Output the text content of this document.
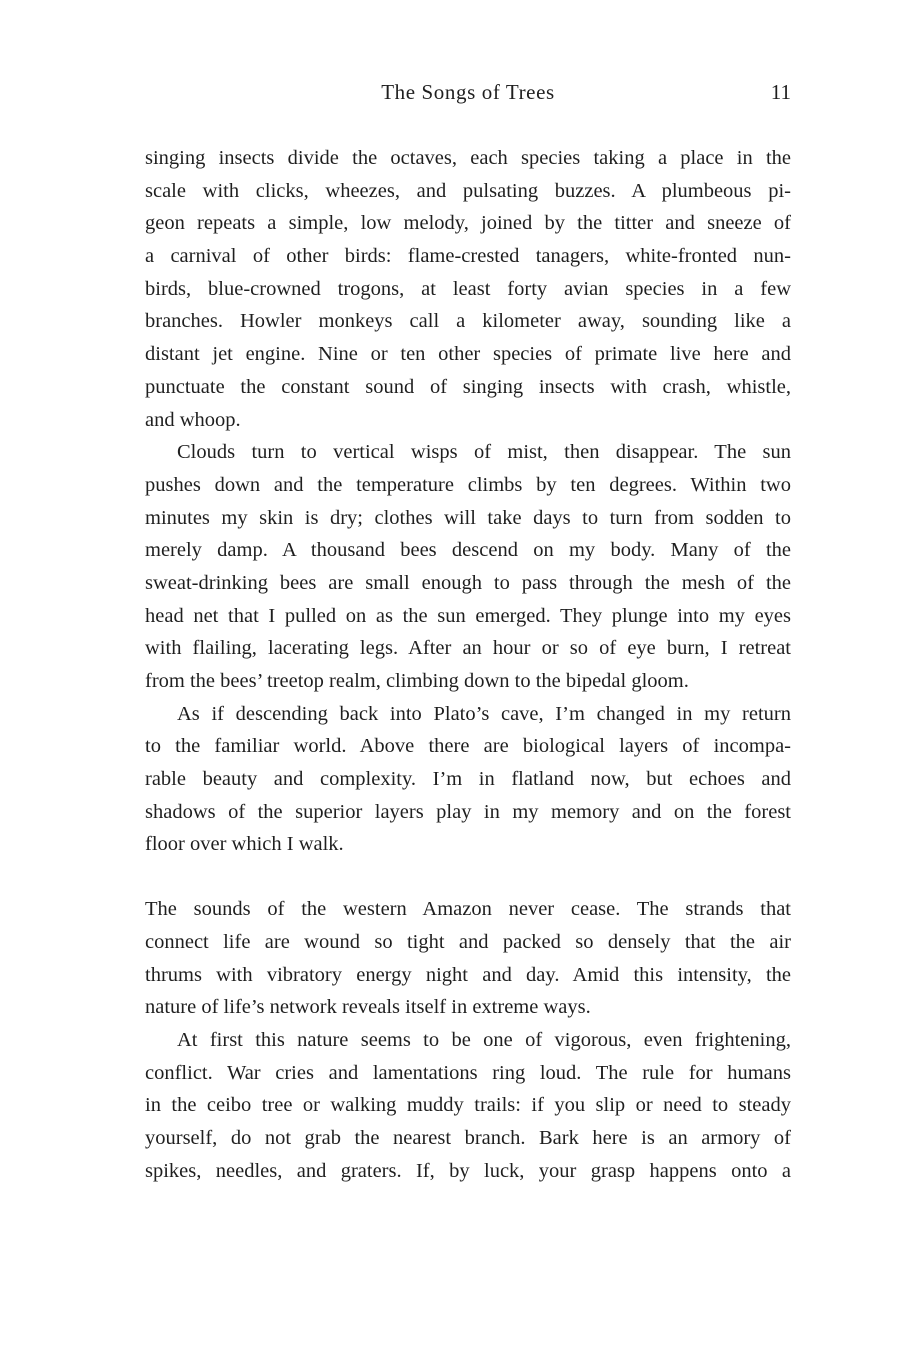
The Songs of Trees	11
singing insects divide the octaves, each species taking a place in the
scale with clicks, wheezes, and pulsating buzzes. A plumbeous pi-
geon repeats a simple, low melody, joined by the titter and sneeze of
a carnival of other birds: flame-crested tanagers, white-fronted nun-
birds, blue-crowned trogons, at least forty avian species in a few
branches. Howler monkeys call a kilometer away, sounding like a
distant jet engine. Nine or ten other species of primate live here and
punctuate the constant sound of singing insects with crash, whistle,
and whoop.
Clouds turn to vertical wisps of mist, then disappear. The sun
pushes down and the temperature climbs by ten degrees. Within two
minutes my skin is dry; clothes will take days to turn from sodden to
merely damp. A thousand bees descend on my body. Many of the
sweat-drinking bees are small enough to pass through the mesh of the
head net that I pulled on as the sun emerged. They plunge into my eyes
with flailing, lacerating legs. After an hour or so of eye burn, I retreat
from the bees’ treetop realm, climbing down to the bipedal gloom.
As if descending back into Plato’s cave, I’m changed in my return
to the familiar world. Above there are biological layers of incompa-
rable beauty and complexity. I’m in flatland now, but echoes and
shadows of the superior layers play in my memory and on the forest
floor over which I walk.
The sounds of the western Amazon never cease. The strands that
connect life are wound so tight and packed so densely that the air
thrums with vibratory energy night and day. Amid this intensity, the
nature of life’s network reveals itself in extreme ways.
At first this nature seems to be one of vigorous, even frightening,
conflict. War cries and lamentations ring loud. The rule for humans
in the ceibo tree or walking muddy trails: if you slip or need to steady
yourself, do not grab the nearest branch. Bark here is an armory of
spikes, needles, and graters. If, by luck, your grasp happens onto a
